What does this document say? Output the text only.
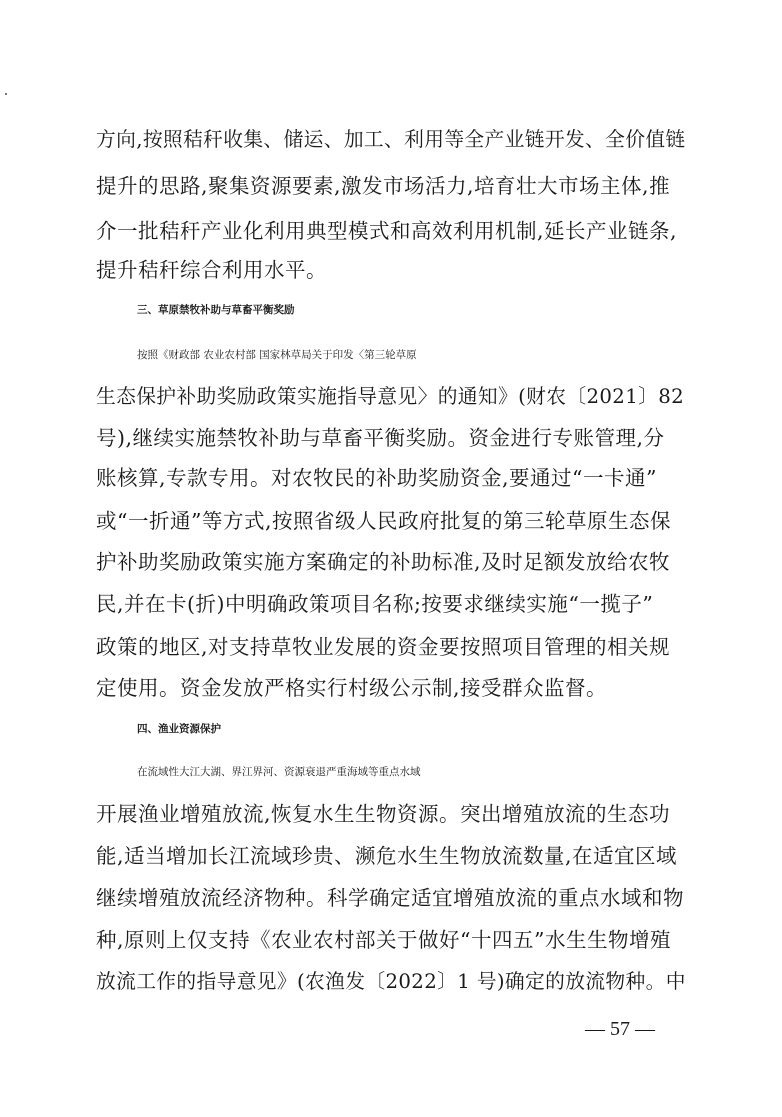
方向,按照秸秆收集、储运、加工、利用等全产业链开发、全价值链
提升的思路,聚集资源要素,激发市场活力,培育壮大市场主体,推
介一批秸秆产业化利用典型模式和高效利用机制,延长产业链条,
提升秸秆综合利用水平。
三、草原禁牧补助与草畜平衡奖励
按照《财政部 农业农村部 国家林草局关于印发〈第三轮草原
生态保护补助奖励政策实施指导意见〉的通知》(财农〔2021〕82
号),继续实施禁牧补助与草畜平衡奖励。资金进行专账管理,分
账核算,专款专用。对农牧民的补助奖励资金,要通过“一卡通”
或“一折通”等方式,按照省级人民政府批复的第三轮草原生态保
护补助奖励政策实施方案确定的补助标准,及时足额发放给农牧
民,并在卡(折)中明确政策项目名称;按要求继续实施“一揽子”
政策的地区,对支持草牧业发展的资金要按照项目管理的相关规
定使用。资金发放严格实行村级公示制,接受群众监督。
四、渔业资源保护
在流域性大江大湖、界江界河、资源衰退严重海域等重点水域
开展渔业增殖放流,恢复水生生物资源。突出增殖放流的生态功
能,适当增加长江流域珍贵、濒危水生生物放流数量,在适宜区域
继续增殖放流经济物种。科学确定适宜增殖放流的重点水域和物
种,原则上仅支持《农业农村部关于做好“十四五”水生生物增殖
放流工作的指导意见》(农渔发〔2022〕1 号)确定的放流物种。中
— 57 —
